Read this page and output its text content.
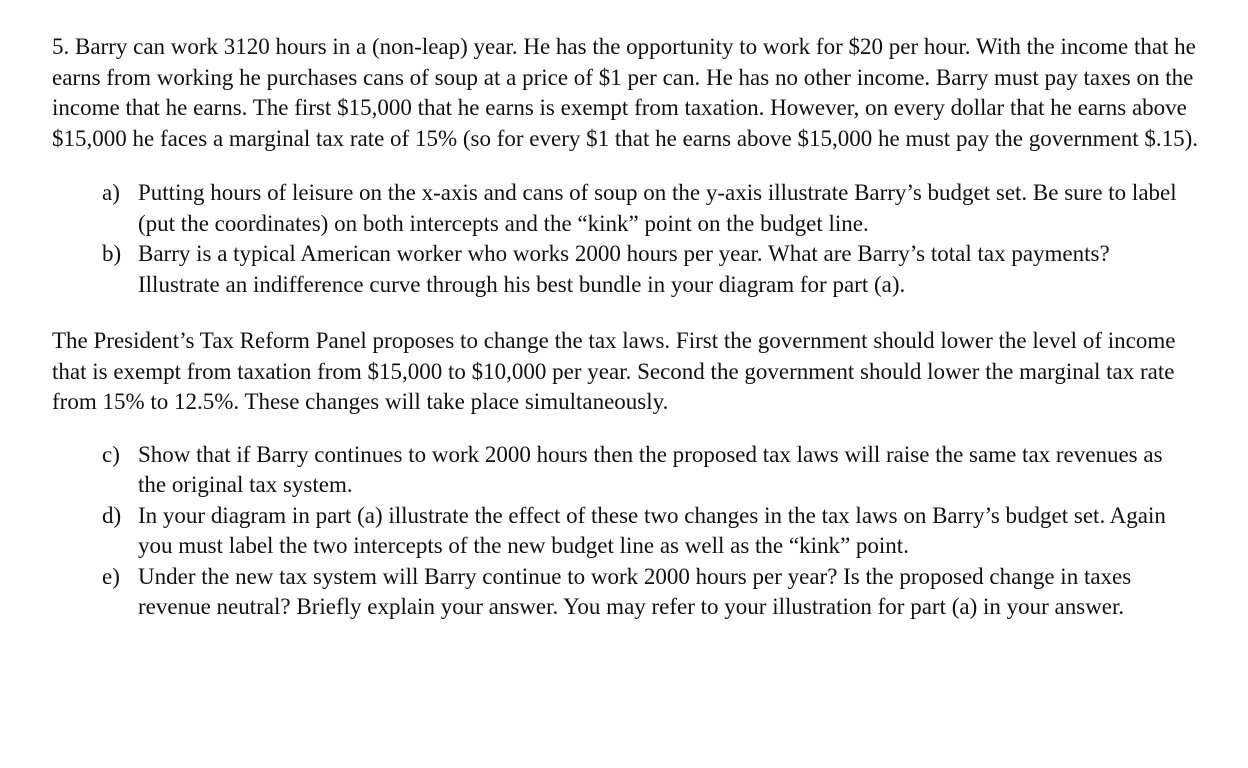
5. Barry can work 3120 hours in a (non-leap) year. He has the opportunity to work for $20 per hour. With the income that he earns from working he purchases cans of soup at a price of $1 per can. He has no other income. Barry must pay taxes on the income that he earns. The first $15,000 that he earns is exempt from taxation. However, on every dollar that he earns above $15,000 he faces a marginal tax rate of 15% (so for every $1 that he earns above $15,000 he must pay the government $.15).

a) Putting hours of leisure on the x-axis and cans of soup on the y-axis illustrate Barry’s budget set. Be sure to label (put the coordinates) on both intercepts and the “kink” point on the budget line.
b) Barry is a typical American worker who works 2000 hours per year. What are Barry’s total tax payments? Illustrate an indifference curve through his best bundle in your diagram for part (a).

The President’s Tax Reform Panel proposes to change the tax laws. First the government should lower the level of income that is exempt from taxation from $15,000 to $10,000 per year. Second the government should lower the marginal tax rate from 15% to 12.5%. These changes will take place simultaneously.

c) Show that if Barry continues to work 2000 hours then the proposed tax laws will raise the same tax revenues as the original tax system.
d) In your diagram in part (a) illustrate the effect of these two changes in the tax laws on Barry’s budget set. Again you must label the two intercepts of the new budget line as well as the “kink” point.
e) Under the new tax system will Barry continue to work 2000 hours per year? Is the proposed change in taxes revenue neutral? Briefly explain your answer. You may refer to your illustration for part (a) in your answer.
